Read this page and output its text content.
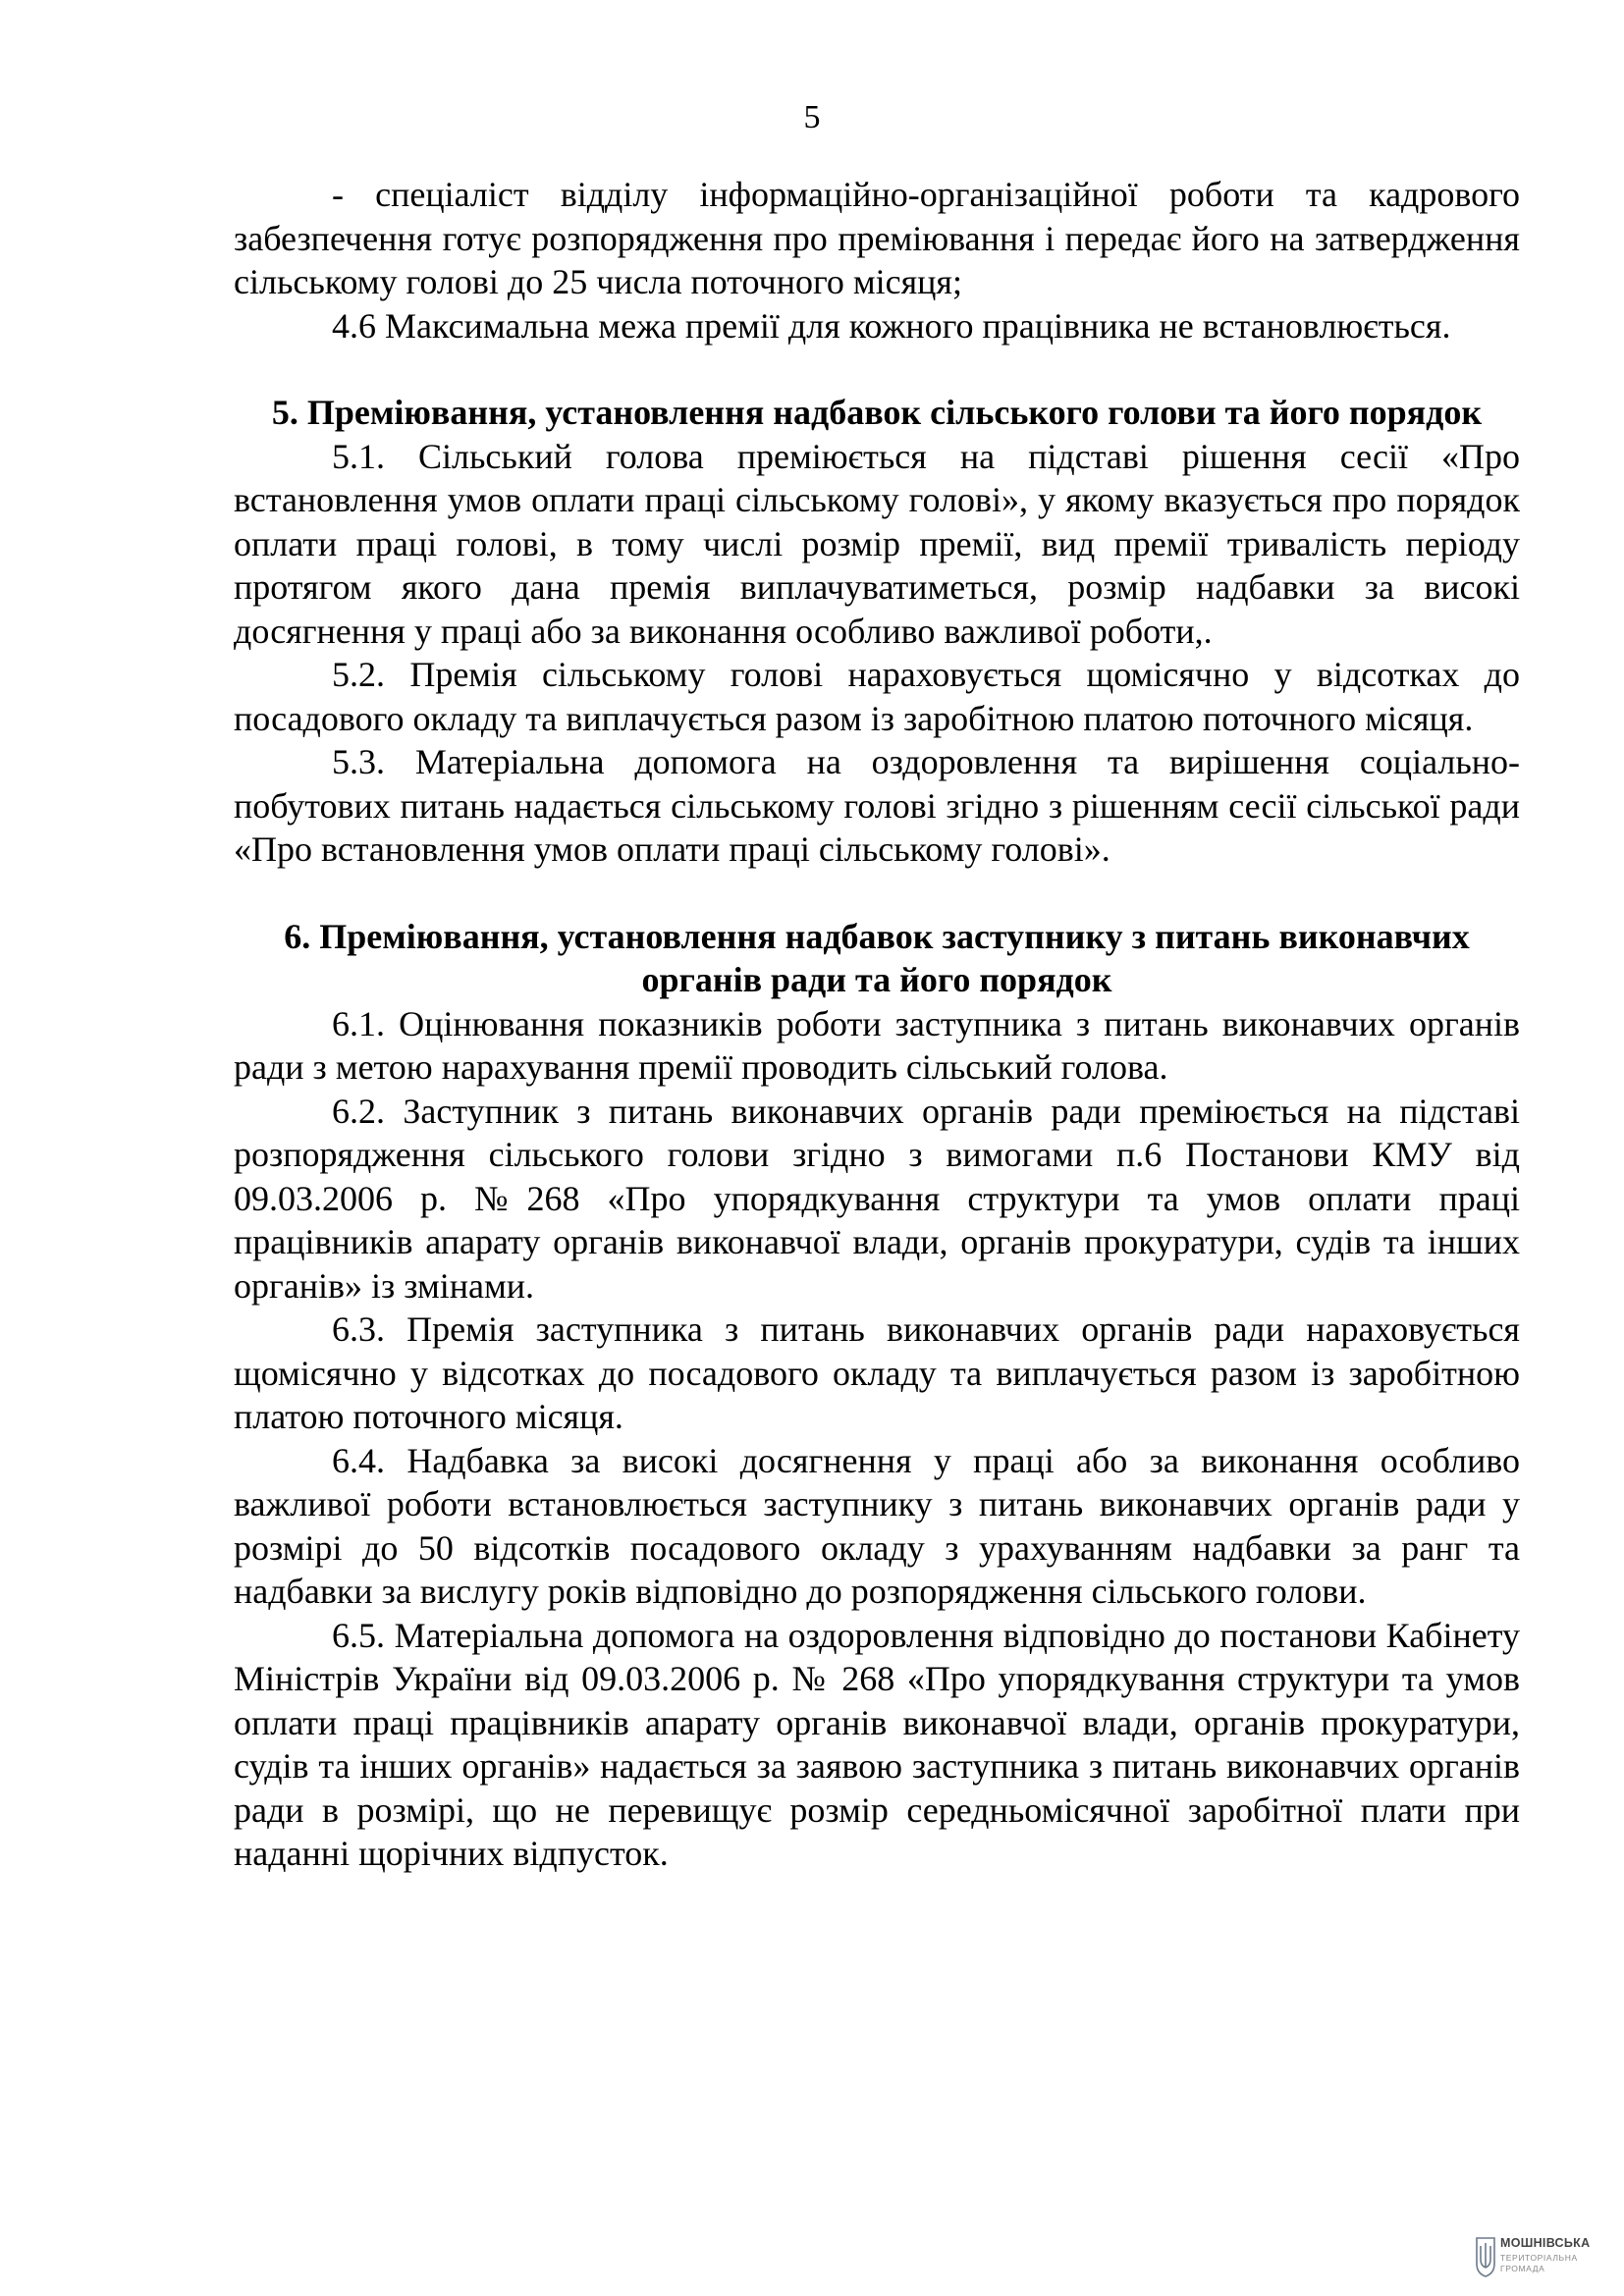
5

- спеціаліст відділу інформаційно-організаційної роботи та кадрового забезпечення готує розпорядження про преміювання і передає його на затвердження сільському голові до 25 числа поточного місяця;

4.6 Максимальна межа премії для кожного працівника не встановлюється.

5. Преміювання, установлення надбавок сільського голови та його порядок

5.1. Сільський голова преміюється на підставі рішення сесії «Про встановлення умов оплати праці сільському голові», у якому вказується про порядок оплати праці голові, в тому числі розмір премії, вид премії тривалість періоду протягом якого дана премія виплачуватиметься, розмір надбавки за високі досягнення у праці або за виконання особливо важливої роботи,.

5.2. Премія сільському голові нараховується щомісячно у відсотках до посадового окладу та виплачується разом із заробітною платою поточного місяця.

5.3. Матеріальна допомога на оздоровлення та вирішення соціально-побутових питань надається сільському голові згідно з рішенням сесії сільської ради «Про встановлення умов оплати праці сільському голові».

6. Преміювання, установлення надбавок заступнику з питань виконавчих органів ради та його порядок

6.1. Оцінювання показників роботи заступника з питань виконавчих органів ради з метою нарахування премії проводить сільський голова.

6.2. Заступник з питань виконавчих органів ради преміюється на підставі розпорядження сільського голови згідно з вимогами п.6 Постанови КМУ від 09.03.2006 р. №268 «Про упорядкування структури та умов оплати праці працівників апарату органів виконавчої влади, органів прокуратури, судів та інших органів» із змінами.

6.3. Премія заступника з питань виконавчих органів ради нараховується щомісячно у відсотках до посадового окладу та виплачується разом із заробітною платою поточного місяця.

6.4. Надбавка за високі досягнення у праці або за виконання особливо важливої роботи встановлюється заступнику з питань виконавчих органів ради у розмірі до 50 відсотків посадового окладу з урахуванням надбавки за ранг та надбавки за вислугу років відповідно до розпорядження сільського голови.

6.5. Матеріальна допомога на оздоровлення відповідно до постанови Кабінету Міністрів України від 09.03.2006 р. № 268 «Про упорядкування структури та умов оплати праці працівників апарату органів виконавчої влади, органів прокуратури, судів та інших органів» надається за заявою заступника з питань виконавчих органів ради в розмірі, що не перевищує розмір середньомісячної заробітної плати при наданні щорічних відпусток.

МОШНІВСЬКА
ТЕРИТОРІАЛЬНА
ГРОМАДА
